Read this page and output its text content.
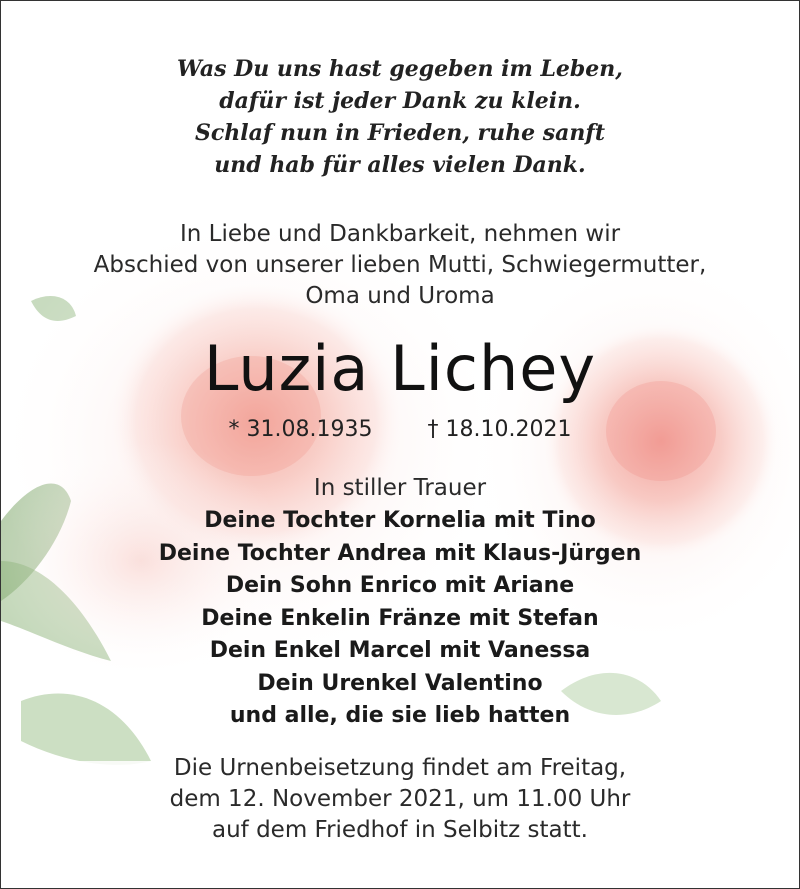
Was Du uns hast gegeben im Leben,
dafür ist jeder Dank zu klein.
Schlaf nun in Frieden, ruhe sanft
und hab für alles vielen Dank.
In Liebe und Dankbarkeit, nehmen wir
Abschied von unserer lieben Mutti, Schwiegermutter,
Oma und Uroma
Luzia Lichey
* 31.08.1935	† 18.10.2021
In stiller Trauer
Deine Tochter Kornelia mit Tino
Deine Tochter Andrea mit Klaus-Jürgen
Dein Sohn Enrico mit Ariane
Deine Enkelin Fränze mit Stefan
Dein Enkel Marcel mit Vanessa
Dein Urenkel Valentino
und alle, die sie lieb hatten
Die Urnenbeisetzung findet am Freitag,
dem 12. November 2021, um 11.00 Uhr
auf dem Friedhof in Selbitz statt.
